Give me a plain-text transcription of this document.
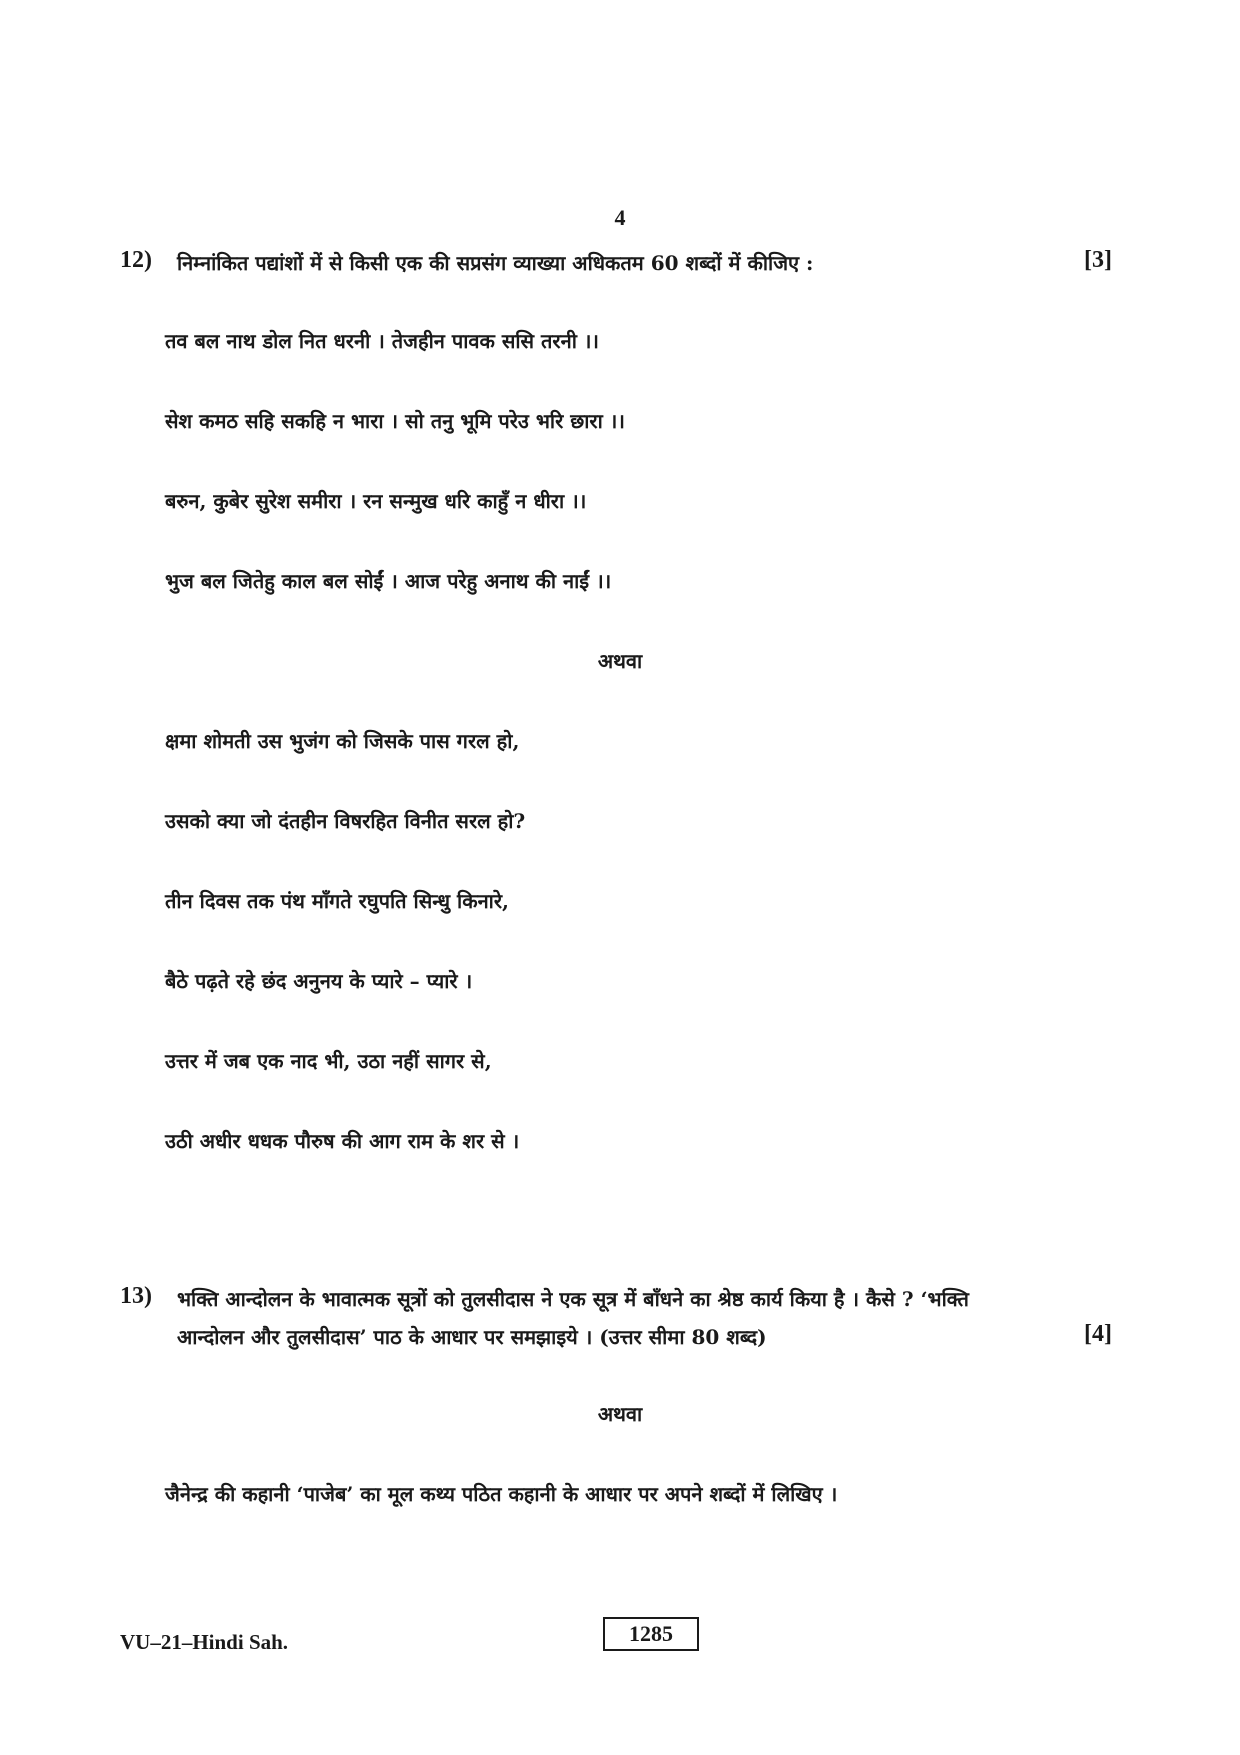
4
12) निम्नांकित पद्यांशों में से किसी एक की सप्रसंग व्याख्या अधिकतम 60 शब्दों में कीजिए :	[3]
तव बल नाथ डोल नित धरनी । तेजहीन पावक ससि तरनी ।।
सेश कमठ सहि सकहि न भारा । सो तनु भूमि परेउ भरि छारा ।।
बरुन, कुबेर सुरेश समीरा । रन सन्मुख धरि काहुँ न धीरा ।।
भुज बल जितेहु काल बल सोईं । आज परेहु अनाथ की नाईं ।।
अथवा
क्षमा शोमती उस भुजंग को जिसके पास गरल हो,
उसको क्या जो दंतहीन विषरहित विनीत सरल हो?
तीन दिवस तक पंथ माँगते रघुपति सिन्धु किनारे,
बैठे पढ़ते रहे छंद अनुनय के प्यारे – प्यारे ।
उत्तर में जब एक नाद भी, उठा नहीं सागर से,
उठी अधीर धधक पौरुष की आग राम के शर से ।
13) भक्ति आन्दोलन के भावात्मक सूत्रों को तुलसीदास ने एक सूत्र में बाँधने का श्रेष्ठ कार्य किया है । कैसे ? ‘भक्ति
आन्दोलन और तुलसीदास’ पाठ के आधार पर समझाइये । (उत्तर सीमा 80 शब्द)	[4]
अथवा
जैनेन्द्र की कहानी ‘पाजेब’ का मूल कथ्य पठित कहानी के आधार पर अपने शब्दों में लिखिए ।
VU–21–Hindi Sah.	1285
